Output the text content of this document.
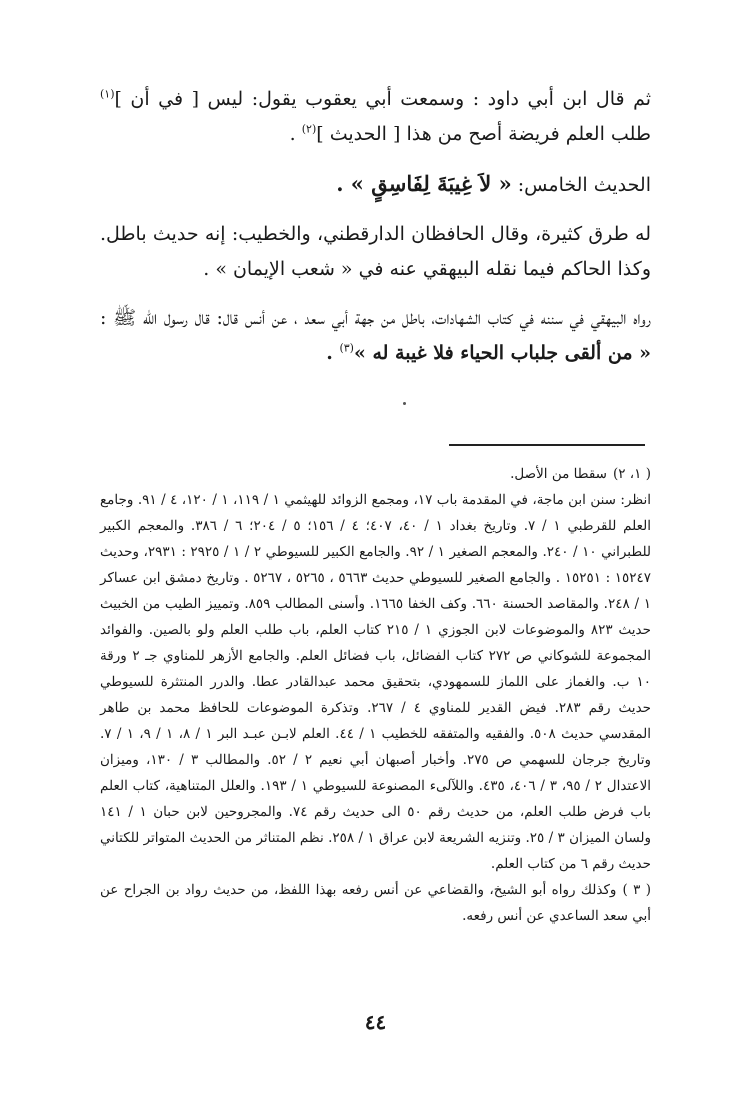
ثم قال ابن أبي داود : وسمعت أبي يعقوب يقول: ليس [ في أن ]$^{(١)}$ طلب العلم فريضة أصح من هذا [ الحديث ]$^{(٢)}$ .

الحديث الخامس: « لاَ غِيبَةَ لِفَاسِقٍ » .

له طرق كثيرة، وقال الحافظان الدارقطني، والخطيب: إنه حديث باطل. وكذا الحاكم فيما نقله البيهقي عنه في « شعب الإيمان » .

رواه البيهقي في سننه في كتاب الشهادات، باطل من جهة أبي سعد ، عن أنس قال: قال رسول الله ﷺ : « من ألقى جلباب الحياء فلا غيبة له »$^{(٣)}$ .

( ١، ٢)سقطا من الأصل.

انظر: سنن ابن ماجة، في المقدمة باب ١٧، ومجمع الزوائد للهيثمي ١ / ١١٩، ١ / ١٢٠، ٤ / ٩١. وجامع العلم للقرطبي ١ / ٧. وتاريخ بغداد ١ / ٤٠، ٤٠٧؛ ٤ / ١٥٦؛ ٥ / ٢٠٤؛ ٦ / ٣٨٦. والمعجم الكبير للطبراني ١٠ / ٢٤٠. والمعجم الصغير ١ / ٩٢. والجامع الكبير للسيوطي ٢ / ١ / ٢٩٢٥ : ٢٩٣١، وحديث ١٥٢٤٧ : ١٥٢٥١ . والجامع الصغير للسيوطي حديث ٥٦٦٣ ، ٥٢٦٥ ، ٥٢٦٧ . وتاريخ دمشق ابن عساكر ١ / ٢٤٨. والمقاصد الحسنة ٦٦٠. وكف الخفا ١٦٦٥. وأسنى المطالب ٨٥٩. وتمييز الطيب من الخبيث حديث ٨٢٣ والموضوعات لابن الجوزي ١ / ٢١٥ كتاب العلم، باب طلب العلم ولو بالصين. والفوائد المجموعة للشوكاني ص ٢٧٢ كتاب الفضائل، باب فضائل العلم. والجامع الأزهر للمناوي جـ ٢ ورقة ١٠ ب. والغماز على اللماز للسمهودي، بتحقيق محمد عبدالقادر عطا. والدرر المنتثرة للسيوطي حديث رقم ٢٨٣. فيض القدير للمناوي ٤ / ٢٦٧. وتذكرة الموضوعات للحافظ محمد بن طاهر المقدسي حديث ٥٠٨. والفقيه والمتفقه للخطيب ١ / ٤٤. العلم لابـن عبـد البر ١ / ٨، ١ / ٩، ١ / ٧. وتاريخ جرجان للسهمي ص ٢٧٥. وأخبار أصبهان أبي نعيم ٢ / ٥٢. والمطالب ٣ / ١٣٠، وميزان الاعتدال ٢ / ٩٥، ٣ / ٤٠٦، ٤٣٥. واللآلىء المصنوعة للسيوطي ١ / ١٩٣. والعلل المتناهية، كتاب العلم باب فرض طلب العلم، من حديث رقم ٥٠ الى حديث رقم ٧٤. والمجروحين لابن حبان ١ / ١٤١ ولسان الميزان ٣ / ٢٥. وتنزيه الشريعة لابن عراق ١ / ٢٥٨. نظم المتناثر من الحديث المتواتر للكتاني حديث رقم ٦ من كتاب العلم.

( ٣ )وكذلك رواه أبو الشيخ، والقضاعي عن أنس رفعه بهذا اللفظ، من حديث رواد بن الجراح عن أبي سعد الساعدي عن أنس رفعه.

٤٤
